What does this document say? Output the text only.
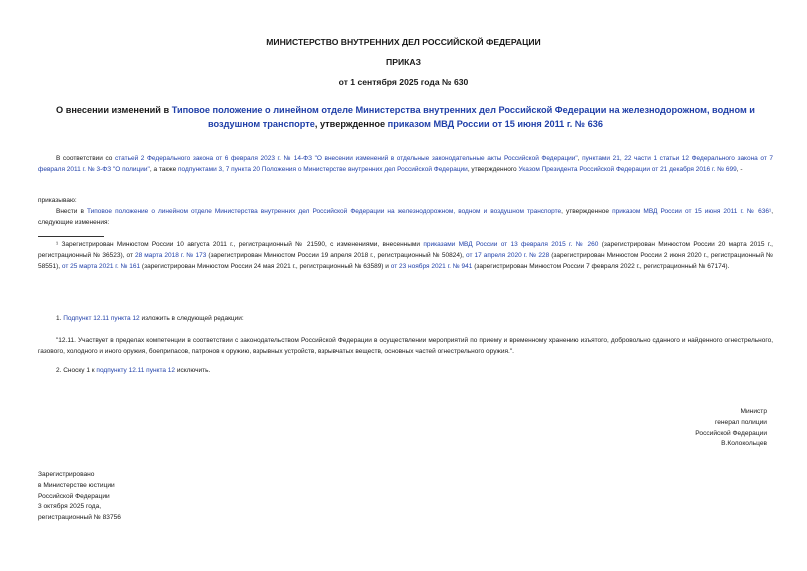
МИНИСТЕРСТВО ВНУТРЕННИХ ДЕЛ РОССИЙСКОЙ ФЕДЕРАЦИИ
ПРИКАЗ
от 1 сентября 2025 года № 630
О внесении изменений в Типовое положение о линейном отделе Министерства внутренних дел Российской Федерации на железнодорожном, водном и воздушном транспорте, утвержденное приказом МВД России от 15 июня 2011 г. № 636
В соответствии со статьей 2 Федерального закона от 6 февраля 2023 г. № 14-ФЗ "О внесении изменений в отдельные законодательные акты Российской Федерации", пунктами 21, 22 части 1 статьи 12 Федерального закона от 7 февраля 2011 г. № 3-ФЗ "О полиции", а также подпунктами 3, 7 пункта 20 Положения о Министерстве внутренних дел Российской Федерации, утвержденного Указом Президента Российской Федерации от 21 декабря 2016 г. № 699, -
приказываю:
Внести в Типовое положение о линейном отделе Министерства внутренних дел Российской Федерации на железнодорожном, водном и воздушном транспорте, утвержденное приказом МВД России от 15 июня 2011 г. № 636¹, следующие изменения:
¹ Зарегистрирован Минюстом России 10 августа 2011 г., регистрационный № 21590, с изменениями, внесенными приказами МВД России от 13 февраля 2015 г. № 260 (зарегистрирован Минюстом России 20 марта 2015 г., регистрационный № 36523), от 28 марта 2018 г. № 173 (зарегистрирован Минюстом России 19 апреля 2018 г., регистрационный № 50824), от 17 апреля 2020 г. № 228 (зарегистрирован Минюстом России 2 июня 2020 г., регистрационный № 58551), от 25 марта 2021 г. № 161 (зарегистрирован Минюстом России 24 мая 2021 г., регистрационный № 63589) и от 23 ноября 2021 г. № 941 (зарегистрирован Минюстом России 7 февраля 2022 г., регистрационный № 67174).
1. Подпункт 12.11 пункта 12 изложить в следующей редакции:
"12.11. Участвует в пределах компетенции в соответствии с законодательством Российской Федерации в осуществлении мероприятий по приему и временному хранению изъятого, добровольно сданного и найденного огнестрельного, газового, холодного и иного оружия, боеприпасов, патронов к оружию, взрывных устройств, взрывчатых веществ, основных частей огнестрельного оружия.".
2. Сноску 1 к подпункту 12.11 пункта 12 исключить.
Министр
генерал полиции
Российской Федерации
В.Колокольцев
Зарегистрировано
в Министерстве юстиции
Российской Федерации
3 октября 2025 года,
регистрационный № 83756
